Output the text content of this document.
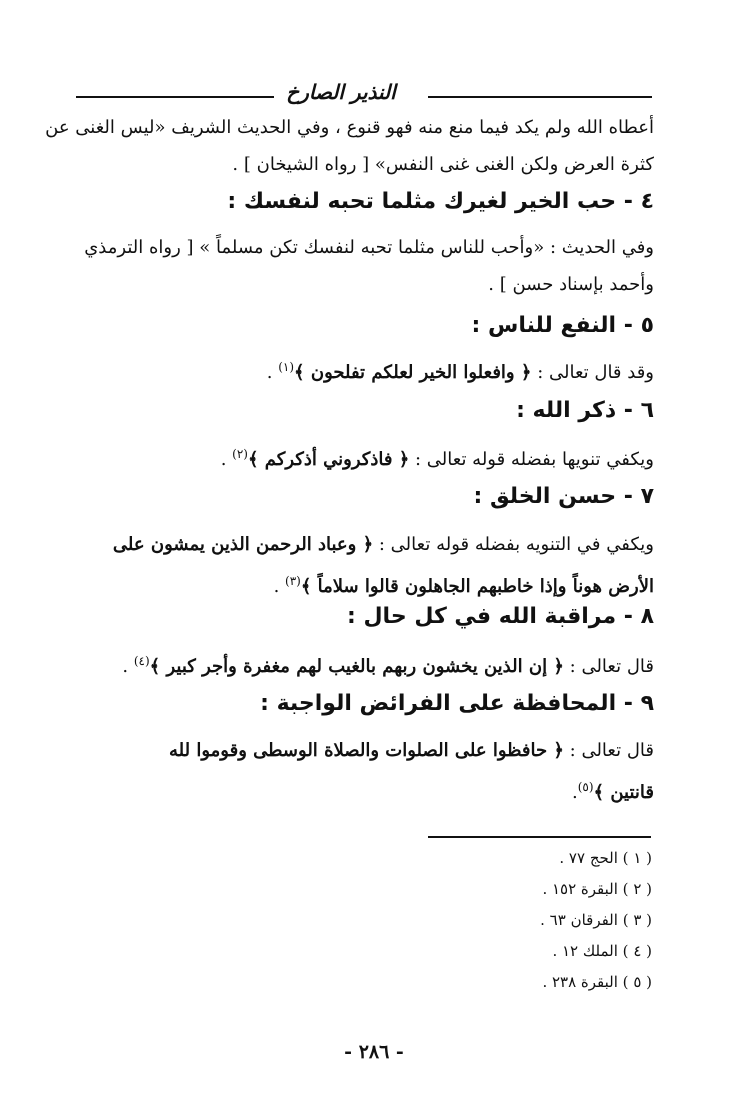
النذير الصارخ
أعطاه الله ولم يكد فيما منع منه فهو قنوع ، وفي الحديث الشريف «ليس الغنى عن
كثرة العرض ولكن الغنى غنى النفس» [ رواه الشيخان ] .
٤ - حب الخير لغيرك مثلما تحبه لنفسك :
وفي الحديث : «وأحب للناس مثلما تحبه لنفسك تكن مسلماً » [ رواه الترمذي
وأحمد بإسناد حسن ] .
٥ - النفع للناس :
وقد قال تعالى : ﴿ وافعلوا الخير لعلكم تفلحون ﴾$^{(١)}$ .
٦ - ذكر الله :
ويكفي تنويها بفضله قوله تعالى : ﴿ فاذكروني أذكركم ﴾$^{(٢)}$ .
٧ - حسن الخلق :
ويكفي في التنويه بفضله قوله تعالى : ﴿ وعباد الرحمن الذين يمشون على
الأرض هوناً وإذا خاطبهم الجاهلون قالوا سلاماً ﴾$^{(٣)}$ .
٨ - مراقبة الله في كل حال :
قال تعالى : ﴿ إن الذين يخشون ربهم بالغيب لهم مغفرة وأجر كبير ﴾$^{(٤)}$ .
٩ - المحافظة على الفرائض الواجبة :
قال تعالى : ﴿ حافظوا على الصلوات والصلاة الوسطى وقوموا لله
قانتين ﴾$^{(٥)}$.
( ١ ) الحج ٧٧ .
( ٢ ) البقرة ١٥٢ .
( ٣ ) الفرقان ٦٣ .
( ٤ ) الملك ١٢ .
( ٥ ) البقرة ٢٣٨ .
- ٢٨٦ -
